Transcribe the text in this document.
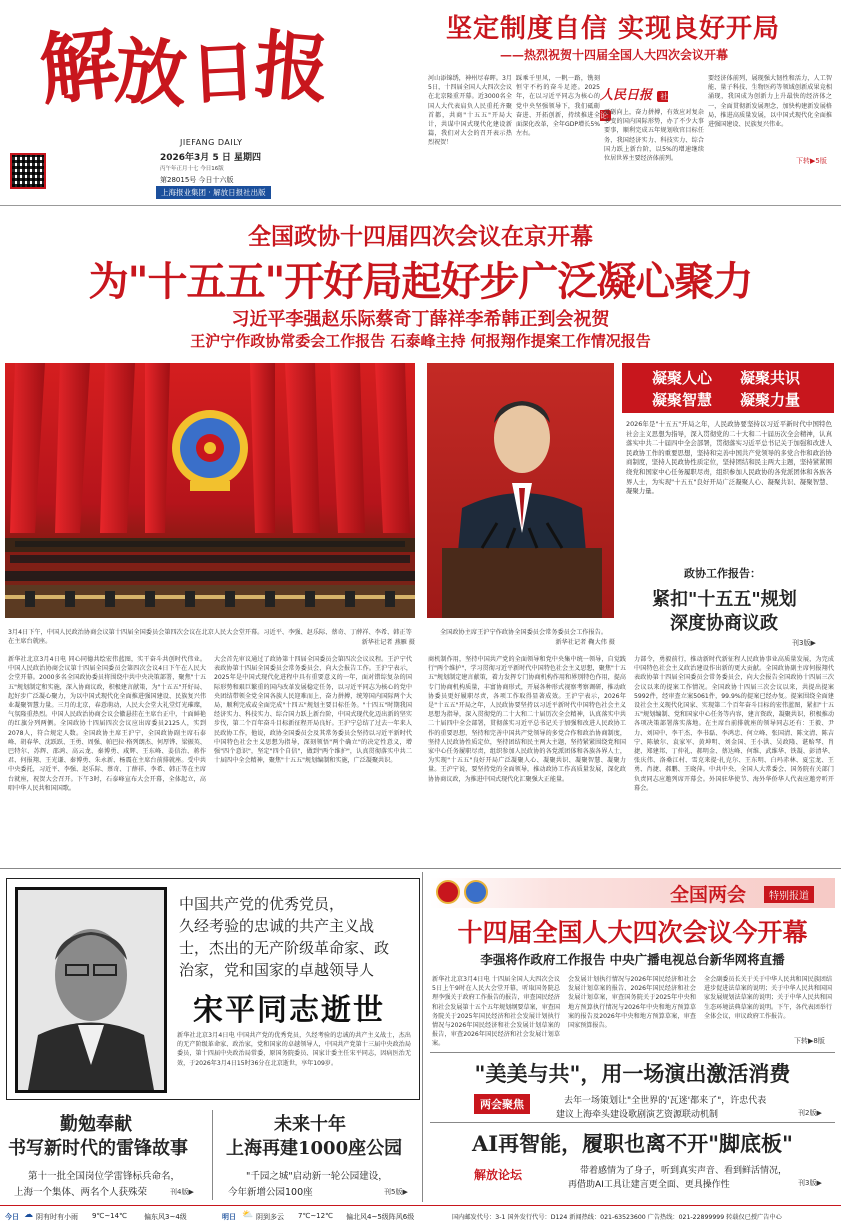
解
放
日
报
JIEFANG DAILY
2026年3月 5 日 星期四
丙午年正月十七 今日16版
第28015号 今日十六版
上海报业集团 · 解放日报社出版
坚定制度自信 实现良好开局
——热烈祝贺十四届全国人大四次会议开幕
河山添锦绣，神州尽春晖。3月5日，十四届全国人大四次会议在北京隆重开幕。近3000名全国人大代表肩负人民重托齐聚首都，共商"十五五"开局大计，共谋中国式现代化建设新篇，我们对大会的召开表示热烈祝贺！
踩乘千里风，一帆一路，镌刻恒守不朽的奋斗足迹。2025年，在以习近平同志为核心的党中央坚强领导下，我们砥砺奋进、开拓创新，持续推进全面深化改革，全年GDP增长5%左右。
人民日报 社论
砥砺向上，奋力拼搏，有效应对复杂多变的国内国际形势，办了不少大事要事，顺利完成五年规划收官目标任务，我国经济实力、科技实力、综合国力跃上新台阶，以5%的增速继续位居世界主要经济体前列。
要经济体前列，展现强大韧性和活力，人工智能、量子科技、生物医药等领域创新成果竞相涌现，我国成为创新力上升最快的经济体之一，全面贯彻新发展理念，加快构建新发展格局，推进高质量发展，以中国式现代化全面推进强国建设、民族复兴伟业。
下转▶5版
全国政协十四届四次会议在京开幕
为"十五五"开好局起好步广泛凝心聚力
习近平李强赵乐际蔡奇丁薛祥李希韩正到会祝贺
王沪宁作政协常委会工作报告 石泰峰主持 何报翔作提案工作情况报告
3月4日下午，中国人民政治协商会议第十四届全国委员会第四次会议在北京人民大会堂开幕。习近平、李强、赵乐际、蔡奇、丁薛祥、李希、韩正等在主席台就座。	新华社记者 燕雁 摄
全国政协主席王沪宁作政协全国委员会常务委员会工作报告。
新华社记者 鞠大伟 摄
凝聚人心 凝聚共识
凝聚智慧 凝聚力量
2026年是"十五五"开局之年，人民政协要坚持以习近平新时代中国特色社会主义思想为指导，深入贯彻党的二十大和二十届历次全会精神，认真落实中共二十届四中全会部署，贯彻落实习近平总书记关于加强和改进人民政协工作的重要思想，坚持和完善中国共产党领导的多党合作和政治协商制度，坚持人民政协性质定位，坚持团结和民主两大主题，坚持紧紧围绕党和国家中心任务履职尽责，组织参加人民政协的各党派团体和各族各界人士，为实现"十五五"良好开局广泛凝聚人心、凝聚共识、凝聚智慧、凝聚力量。
政协工作报告：
紧扣"十五五"规划
深度协商议政
刊3版▶
新华社北京3月4日电 同心同德共绘宏伟蓝图，实干奋斗共创时代伟业。中国人民政治协商会议第十四届全国委员会第四次会议4日下午在人民大会堂开幕。2000多名全国政协委员将围绕中共中央决策部署，聚焦"十五五"规划制定和实施，深入协商议政，积极建言献策，为"十五五"开好局、起好步广泛凝心聚力，为以中国式现代化全面推进强国建设、民族复兴伟业凝聚智慧力量。三月的北京，春意萌动，人民大会堂大礼堂灯光璀璨，气氛隆重热烈。中国人民政治协商会议会徽悬挂在主席台正中，十面鲜艳的红旗分列两侧。全国政协十四届四次会议应出席委员2125人，实到2078人，符合规定人数。全国政协主席王沪宁，全国政协副主席石泰峰、胡春华、沈跃跃、王勇、周强、帕巴拉·格列朗杰、何厚铧、梁振英、巴特尔、苏辉、邵鸿、高云龙、秦博勇、咸辉、王东峰、姜信治、蒋作君、何报翔、王光谦、秦博勇、朱永新、杨震在主席台前排就座。受中共中央委托，习近平、李强、赵乐际、蔡奇、丁薛祥、李希、韩正等在主席台就座，祝贺大会召开。下午3时，石泰峰宣布大会开幕，全体起立，高唱中华人民共和国国歌。
大会首先审议通过了政协第十四届全国委员会第四次会议议程。王沪宁代表政协第十四届全国委员会常务委员会，向大会报告工作。王沪宁表示，2025年是中国式现代化进程中具有重要意义的一年，面对错综复杂的国际形势和艰巨繁重的国内改革发展稳定任务，以习近平同志为核心的党中央团结带领全党全国各族人民迎难而上，奋力拼搏，统筹国内国际两个大局，顺利完成或全面完成"十四五"规划主要目标任务。"十四五"时期我国经济实力、科技实力、综合国力跃上新台阶，中国式现代化迈出新的坚实步伐，第二个百年奋斗目标新征程开局良好。王沪宁总结了过去一年来人民政协工作，他说，政协全国委员会及其常务委员会坚持以习近平新时代中国特色社会主义思想为指导，深刻领悟"两个确立"的决定性意义，增强"四个意识"，坚定"四个自信"，做到"两个维护"，认真贯彻落实中共二十届四中全会精神，聚焦"十五五"规划编制和实施，广泛凝聚共识。
商机制作用，坚持中国共产党的全面领导和党中央集中统一领导，自觉践行"两个维护"，学习贯彻习近平新时代中国特色社会主义思想，聚焦"十五五"规划制定建言献策，着力发挥专门协商机构作用和界别特色作用，提高专门协商机构质量，丰富协商形式，开展各种形式视察考察调研，推动政协委员更好履职尽责，各项工作取得显著成效。王沪宁表示，2026年是"十五五"开局之年，人民政协要坚持以习近平新时代中国特色社会主义思想为指导，深入贯彻党的二十大和二十届历次全会精神，认真落实中共二十届四中全会部署，贯彻落实习近平总书记关于加强和改进人民政协工作的重要思想，坚持和完善中国共产党领导的多党合作和政治协商制度，坚持人民政协性质定位，坚持团结和民主两大主题，坚持紧紧围绕党和国家中心任务履职尽责，组织参加人民政协的各党派团体和各族各界人士，为实现"十五五"良好开局广泛凝聚人心、凝聚共识、凝聚智慧、凝聚力量。王沪宁说，要坚持党的全面领导，推动政协工作高质量发展，深化政协协商议政，为推进中国式现代化汇聚强大正能量。
力部令，勇毅前行，推动新时代新征程人民政协事业高质量发展，为完成中国特色社会主义政治建设作出新的更大贡献。全国政协副主席何报翔代表政协第十四届全国委员会常务委员会，向大会报告全国政协十四届三次会议以来的提案工作情况。全国政协十四届三次会议以来，共提出提案5992件，经审查立案5061件，99.9%的提案已经办复。提案围绕全面建设社会主义现代化国家、实现第二个百年奋斗目标的宏伟蓝图，紧扣"十五五"规划编制、党和国家中心任务等内容，建言资政，凝聚共识，积极推动各项决策部署落实落地。在主席台前排就座的领导同志还有：王毅、尹力、刘国中、李干杰、李书磊、李鸿忠、何立峰、张国清、陈文清、陈吉宁、陈敏尔、袁家军、黄坤明、刘金国、王小洪、吴政隆、谌贻琴、肖捷、郑建邦、丁仲礼、郝明金、蔡达峰、何维、武维华、铁凝、彭清华、张庆伟、洛桑江村、雪克来提·扎克尔、王东明、白玛赤林、夏宝龙、王勇、肖捷、郝鹏、王晓萍。中共中央、全国人大常委会、国务院有关部门负责同志应邀列席开幕会。外国驻华使节、海外华侨华人代表应邀旁听开幕会。
中国共产党的优秀党员，
久经考验的忠诚的共产主义战
士，杰出的无产阶级革命家、政
治家，党和国家的卓越领导人
宋平同志逝世
新华社北京3月4日电 中国共产党的优秀党员，久经考验的忠诚的共产主义战士，杰出的无产阶级革命家、政治家，党和国家的卓越领导人，中国共产党第十三届中央政治局委员，第十四届中央政治局常委，原国务院委员、国家计委主任宋平同志，因病医治无效，于2026年3月4日15时36分在北京逝世，享年109岁。
勤勉奉献
书写新时代的雷锋故事
第十一批全国岗位学雷锋标兵命名，
上海一个集体、两名个人获殊荣	刊4版▶
未来十年
上海再建1000座公园
"千园之城"启动新一轮公园建设，
今年新增公园100座	刊5版▶
全国两会	特别报道
十四届全国人大四次会议今开幕
李强将作政府工作报告 中央广播电视总台新华网将直播
新华社北京3月4日电 十四届全国人大四次会议5日上午9时在人民大会堂开幕，听取国务院总理李强关于政府工作报告的报告，审查国民经济和社会发展第十五个五年规划纲要草案，审查国务院关于2025年国民经济和社会发展计划执行情况与2026年国民经济和社会发展计划草案的报告，审查2026年国民经济和社会发展计划草案。
会发展计划执行情况与2026年国民经济和社会发展计划草案的报告、2026年国民经济和社会发展计划草案，审查国务院关于2025年中央和地方预算执行情况与2026年中央和地方预算草案的报告及2026年中央和地方预算草案，审查国家预算报告。
全会副委员长关于关于中华人民共和国民族团结进步促进法草案的说明；关于中华人民共和国国家发展规划法草案的说明；关于中华人民共和国生态环境法典草案的说明。下午，各代表团举行全体会议，审议政府工作报告。
下转▶8版
"美美与共"，用一场演出激活消费
两会聚焦	去年一场策划让"全世界的'瓦迷'都来了"，许忠代表
建议上海牵头建设歌剧演艺资源联动机制	刊2版▶
AI再智能，履职也离不开"脚底板"
解放论坛	带着感情为了身子，听到真实声音、看到鲜活情况，
再借助AI工具让建言更全面、更具操作性	刊3版▶
今日 ☁ 阴有时有小雨 9℃~14℃ 偏东风3~4级	明日 ⛅ 阴到多云 7℃~12℃ 偏北风4~5级阵风6级	国内邮发代号：3-1 国外发行代号：D124 新闻热线：021-63523600 广告热线：021-22899999 转载仅已授广告中心
